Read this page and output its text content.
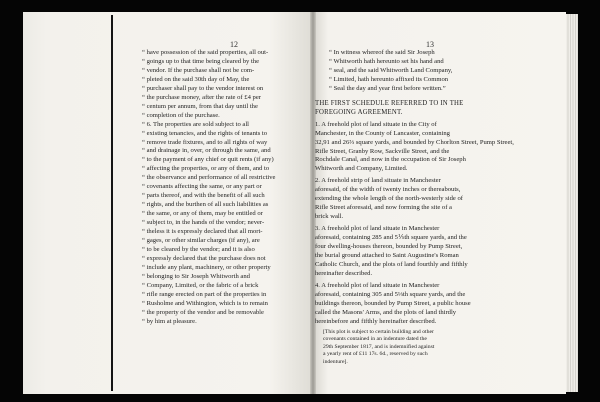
12	13
“ have possession of the said properties, all out-
“ goings up to that time being cleared by the
“ vendor. If the purchase shall not be com-
“ pleted on the said 30th day of May, the
“ purchaser shall pay to the vendor interest on
“ the purchase money, after the rate of £4 per
“ centum per annum, from that day until the
“ completion of the purchase.
“ 6. The properties are sold subject to all
“ existing tenancies, and the rights of tenants to
“ remove trade fixtures, and to all rights of way
“ and drainage in, over, or through the same, and
“ to the payment of any chief or quit rents (if any)
“ affecting the properties, or any of them, and to
“ the observance and performance of all restrictive
“ covenants affecting the same, or any part or
“ parts thereof, and with the benefit of all such
“ rights, and the burthen of all such liabilities as
“ the same, or any of them, may be entitled or
“ subject to, in the hands of the vendor; never-
“ theless it is expressly declared that all mort-
“ gages, or other similar charges (if any), are
“ to be cleared by the vendor; and it is also
“ expressly declared that the purchase does not
“ include any plant, machinery, or other property
“ belonging to Sir Joseph Whitworth and
“ Company, Limited, or the fabric of a brick
“ rifle range erected on part of the properties in
“ Rusholme and Withington, which is to remain
“ the property of the vendor and be removable
“ by him at pleasure.
“ In witness whereof the said Sir Joseph
“ Whitworth hath hereunto set his hand and
“ seal, and the said Whitworth Land Company,
“ Limited, hath hereunto affixed its Common
“ Seal the day and year first before written.”
THE FIRST SCHEDULE REFERRED TO IN THE
FOREGOING AGREEMENT.
1. A freehold plot of land situate in the City of
Manchester, in the County of Lancaster, containing
32,91 and 26⅔ square yards, and bounded by Chorlton Street, Pump Street,
Rifle Street, Granby Row, Sackville Street, and the
Rochdale Canal, and now in the occupation of Sir Joseph
Whitworth and Company, Limited.
2. A freehold strip of land situate in Manchester
aforesaid, of the width of twenty inches or thereabouts,
extending the whole length of the north-westerly side of
Rifle Street aforesaid, and now forming the site of a
brick wall.
3. A freehold plot of land situate in Manchester
aforesaid, containing 285 and 5⅕th square yards, and the
four dwelling-houses thereon, bounded by Pump Street,
the burial ground attached to Saint Augustine's Roman
Catholic Church, and the plots of land fourthly and fifthly
hereinafter described.
4. A freehold plot of land situate in Manchester
aforesaid, containing 305 and 5⅓th square yards, and the
buildings thereon, bounded by Pump Street, a public house
called the Masons' Arms, and the plots of land thirdly
hereinbefore and fifthly hereinafter described.
[This plot is subject to certain building and other
covenants contained in an indenture dated the
29th September 1817, and is indemnified against
a yearly rent of £11 17s. 6d., reserved by such
indenture].
